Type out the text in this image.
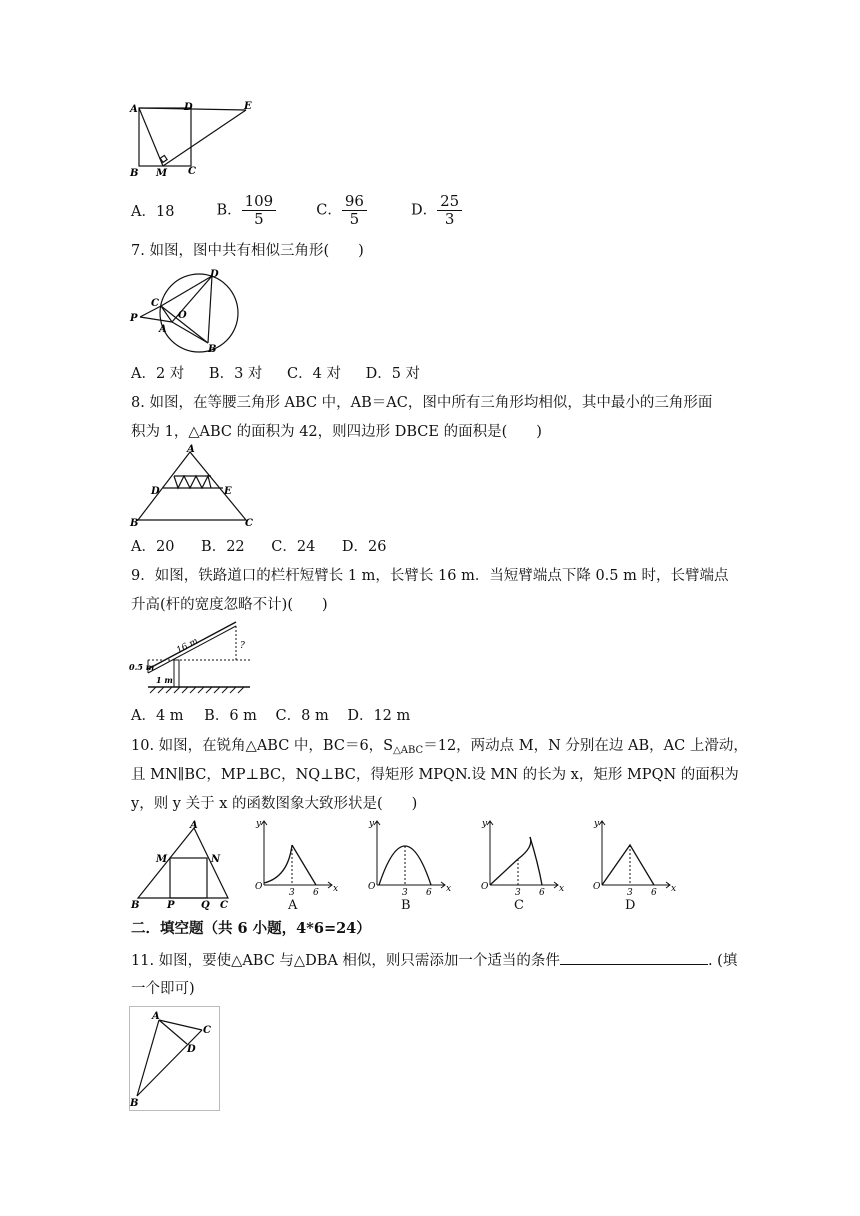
A	D	E
B M C
A．18	B． $\frac{109}{5}$	C． $\frac{96}{5}$	D． $\frac{25}{3}$
7. 如图，图中共有相似三角形(　　)
D
C
O
P
A
B
A．2 对 B．3 对 C．4 对 D．5 对
8. 如图，在等腰三角形 ABC 中，AB＝AC，图中所有三角形均相似，其中最小的三角形面
积为 1，△ABC 的面积为 42，则四边形 DBCE 的面积是(　　)
A
D	E
B	C
A．20 B．22 C．24 D．26
9．如图，铁路道口的栏杆短臂长 1 m，长臂长 16 m．当短臂端点下降 0.5 m 时，长臂端点
升高(杆的宽度忽略不计)(　　)
16 m	?
0.5 m
1 m
A．4 m B．6 m C．8 m D．12 m
10. 如图，在锐角△ABC 中，BC＝6，$S_{\triangle ABC}=12$，两动点 M，N 分别在边 AB，AC 上滑动，
且 MN∥BC，MP⊥BC，NQ⊥BC，得矩形 MPQN.设 MN 的长为 x，矩形 MPQN 的面积为
y，则 y 关于 x 的函数图象大致形状是(　　)
A
M	N
B	P	Q C
y
x
O
3 6
y
x
O
3 6
y
x
O
3 6
y
x
O
3 6
A	B	C	D
二．填空题（共 6 小题，4*6=24）
11. 如图，要使△ABC 与△DBA 相似，则只需添加一个适当的条件	. (填
一个即可)
A
C
D
B
